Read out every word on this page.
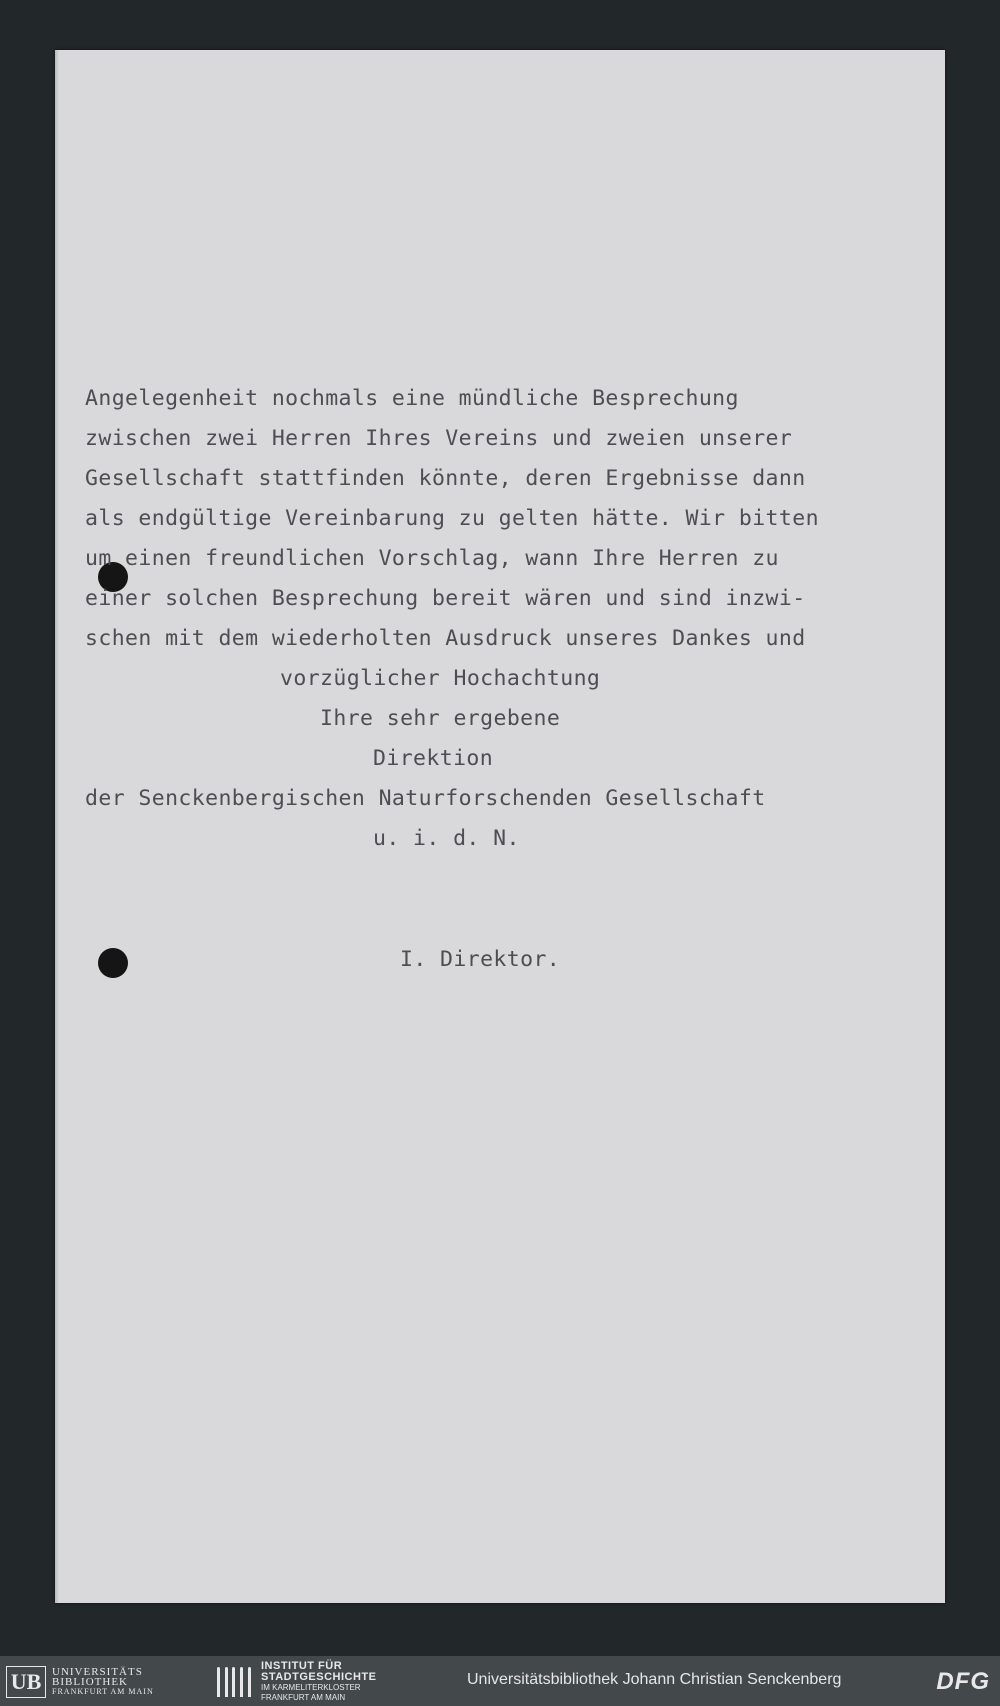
Angelegenheit nochmals eine mündliche Besprechung

zwischen zwei Herren Ihres Vereins und zweien unserer

Gesellschaft stattfinden könnte, deren Ergebnisse dann

als endgültige Vereinbarung zu gelten hätte. Wir bitten

um einen freundlichen Vorschlag, wann Ihre Herren zu

einer solchen Besprechung bereit wären und sind inzwi-

schen mit dem wiederholten Ausdruck unseres Dankes und

vorzüglicher Hochachtung

Ihre sehr ergebene

Direktion

der Senckenbergischen Naturforschenden Gesellschaft

u. i. d. N.

I. Direktor.

UB UNIVERSITÄTS
BIBLIOTHEK
FRANKFURT AM MAIN
INSTITUT FÜR
STADTGESCHICHTE
IM KARMELITERKLOSTER
FRANKFURT AM MAIN
Universitätsbibliothek Johann Christian Senckenberg	DFG
